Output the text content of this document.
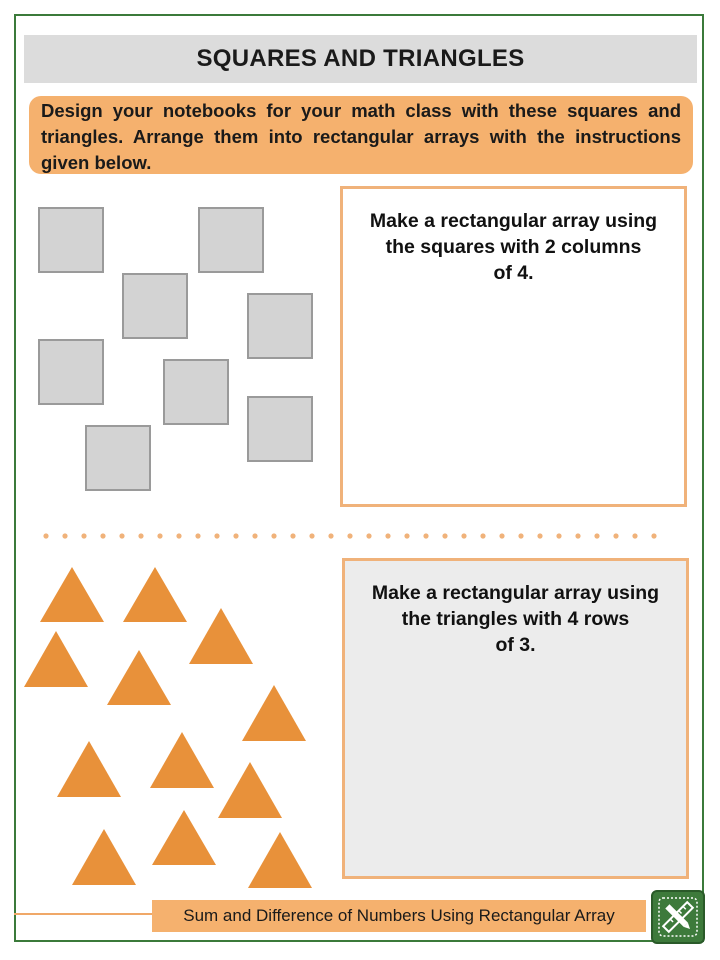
SQUARES AND TRIANGLES

Design your notebooks for your math class with these squares and triangles. Arrange them into rectangular arrays with the instructions given below.

Make a rectangular array using

the squares with 2 columns

of 4.

Make a rectangular array using

the triangles with 4 rows

of 3.

Sum and Difference of Numbers Using Rectangular Array
